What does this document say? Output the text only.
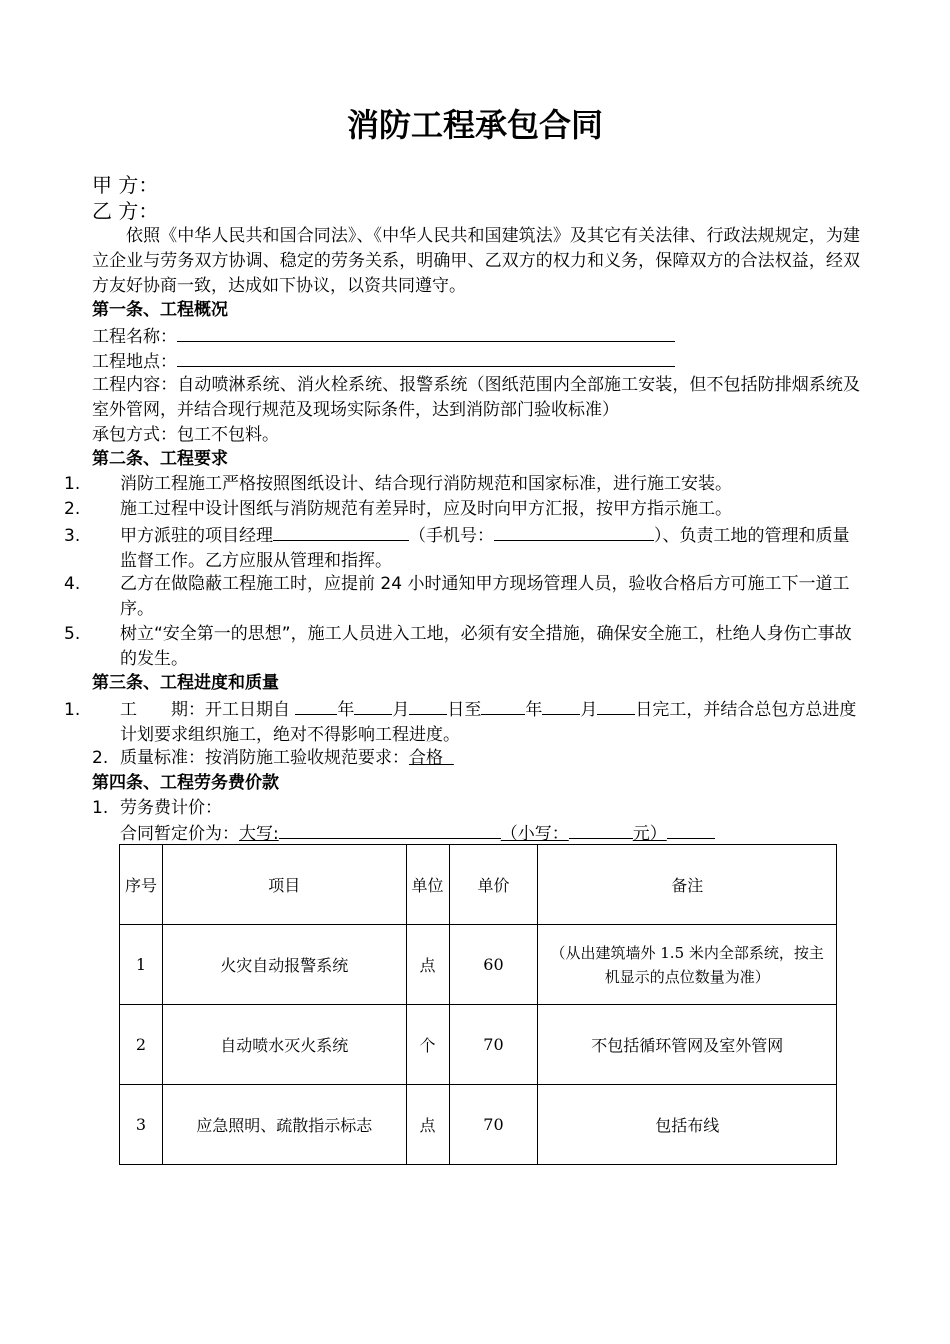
消防工程承包合同
甲 方：
乙 方：
依照《中华人民共和国合同法》、《中华人民共和国建筑法》及其它有关法律、行政法规规定，为建立企业与劳务双方协调、稳定的劳务关系，明确甲、乙双方的权力和义务，保障双方的合法权益，经双方友好协商一致，达成如下协议，以资共同遵守。
第一条、工程概况
工程名称：
工程地点：
工程内容：自动喷淋系统、消火栓系统、报警系统（图纸范围内全部施工安装，但不包括防排烟系统及室外管网，并结合现行规范及现场实际条件，达到消防部门验收标准）
承包方式：包工不包料。
第二条、工程要求
1. 消防工程施工严格按照图纸设计、结合现行消防规范和国家标准，进行施工安装。
2. 施工过程中设计图纸与消防规范有差异时，应及时向甲方汇报，按甲方指示施工。
3. 甲方派驻的项目经理	（手机号：	）、负责工地的管理和质量监督工作。乙方应服从管理和指挥。
4. 乙方在做隐蔽工程施工时，应提前 24 小时通知甲方现场管理人员，验收合格后方可施工下一道工序。
5. 树立“安全第一的思想”，施工人员进入工地，必须有安全措施，确保安全施工，杜绝人身伤亡事故的发生。
第三条、工程进度和质量
1. 工　　期：开工日期自 年 月 日至	年 月 日完工，并结合总包方总进度计划要求组织施工，绝对不得影响工程进度。
2. 质量标准：按消防施工验收规范要求：合格
第四条、工程劳务费价款
1. 劳务费计价：
合同暂定价为：大写:	（小写：	元）
序号	项目	单位	单价	备注
1	火灾自动报警系统	点	60	（从出建筑墙外 1.5 米内全部系统，按主机显示的点位数量为准）
2	自动喷水灭火系统	个	70	不包括循环管网及室外管网
3	应急照明、疏散指示标志	点	70	包括布线
